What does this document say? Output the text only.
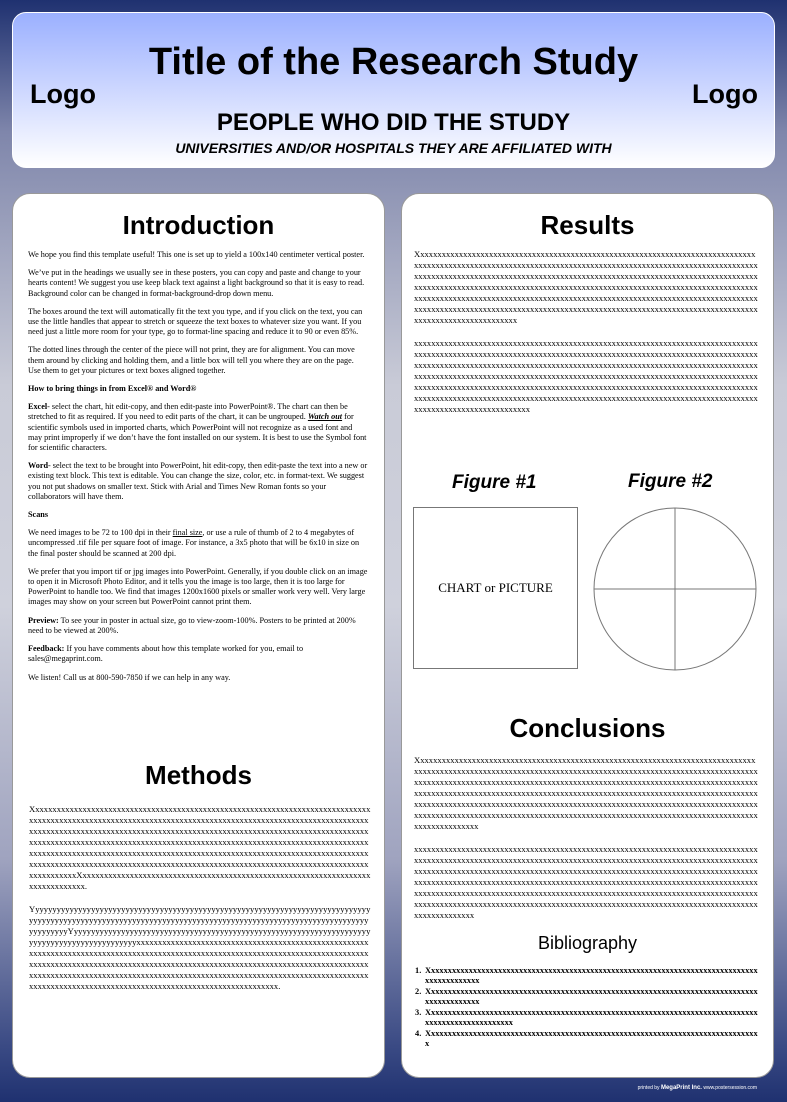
Title of the Research Study
Logo	Logo
PEOPLE WHO DID THE STUDY
UNIVERSITIES AND/OR HOSPITALS THEY ARE AFFILIATED WITH
Introduction

We hope you find this template useful! This one is set up to yield a 100x140 centimeter vertical poster.

We’ve put in the headings we usually see in these posters, you can copy and paste and change to your hearts content! We suggest you use keep black text against a light background so that it is easy to read. Background color can be changed in format-background-drop down menu.

The boxes around the text will automatically fit the text you type, and if you click on the text, you can use the little handles that appear to stretch or squeeze the text boxes to whatever size you want. If you need just a little more room for your type, go to format-line spacing and reduce it to 90 or even 85%.

The dotted lines through the center of the piece will not print, they are for alignment. You can move them around by clicking and holding them, and a little box will tell you where they are on the page. Use them to get your pictures or text boxes aligned together.

How to bring things in from Excel® and Word®

Excel- select the chart, hit edit-copy, and then edit-paste into PowerPoint®. The chart can then be stretched to fit as required. If you need to edit parts of the chart, it can be ungrouped. Watch out for scientific symbols used in imported charts, which PowerPoint will not recognize as a used font and may print improperly if we don’t have the font installed on our system. It is best to use the Symbol font for scientific characters.

Word- select the text to be brought into PowerPoint, hit edit-copy, then edit-paste the text into a new or existing text block. This text is editable. You can change the size, color, etc. in format-text. We suggest you not put shadows on smaller text. Stick with Arial and Times New Roman fonts so your collaborators will have them.

Scans

We need images to be 72 to 100 dpi in their final size, or use a rule of thumb of 2 to 4 megabytes of uncompressed .tif file per square foot of image. For instance, a 3x5 photo that will be 6x10 in size on the final poster should be scanned at 200 dpi.

We prefer that you import tif or jpg images into PowerPoint. Generally, if you double click on an image to open it in Microsoft Photo Editor, and it tells you the image is too large, then it is too large for PowerPoint to handle too. We find that images 1200x1600 pixels or smaller work very well. Very large images may show on your screen but PowerPoint cannot print them.

Preview: To see your in poster in actual size, go to view-zoom-100%. Posters to be printed at 200% need to be viewed at 200%.

Feedback: If you have comments about how this template worked for you, email to sales@megaprint.com.

We listen! Call us at 800-590-7850 if we can help in any way.

Methods

XxxxxxxxxxxxxxxxxxxxxxxxxxxxxxxxxxxxxxxxxxxxxxxxxxxxxxxxxxxxxxxxxxxxxxxxxxxxxxxxxxxxxxxxxxxxxxxxxxxxxxxxxxxxxxxxxxxxxxxxxxxxxxxxxxxxxxxxxxxxxxxxxxxxxxxxxxxxxxxxxxxxxxxxxxxxxxxxxxxxxxxxxxxxxxxxxxxxxxxxxxxxxxxxxxxxxxxxxxxxxxxxxxxxxxxxxxxxxxxxxxxxxxxxxxxxxxxxxxxxxxxxxxxxxxxxxxxxxxxxxxxxxxxxxxxxxxxxxxxxxxxxxxxxxxxxxxxxxxxxxxxxxxxxxxxxxxxxxxxxxxxxxxxxxxxxxxxxxxxxxxxxxxxxxxxxxxxxxxxxxxxxxxxxxxxxxxxxxxxxxxxxxxxxxxxxxxxxxxxxxxxxxxxxxxxxxxxxxxxxxxxxxxxxxxxxxxxxxxxxxxxxxxxxxxxxxxxxxxxxxxxxxXxxxxxxxxxxxxxxxxxxxxxxxxxxxxxxxxxxxxxxxxxxxxxxxxxxxxxxxxxxxxxxxxxxxxxxxxxxxxxxxx.

YyyyyyyyyyyyyyyyyyyyyyyyyyyyyyyyyyyyyyyyyyyyyyyyyyyyyyyyyyyyyyyyyyyyyyyyyyyyyyyyyyyyyyyyyyyyyyyyyyyyyyyyyyyyyyyyyyyyyyyyyyyyyyyyyyyyyyyyyyyyyyyyyyyyyyyyyyyyyyyyyyyyyyyYyyyyyyyyyyyyyyyyyyyyyyyyyyyyyyyyyyyyyyyyyyyyyyyyyyyyyyyyyyyyyyyyyyyyyyyyyyyyyyyyyyyyyyyyyyyyyyxxxxxxxxxxxxxxxxxxxxxxxxxxxxxxxxxxxxxxxxxxxxxxxxxxxxxxxxxxxxxxxxxxxxxxxxxxxxxxxxxxxxxxxxxxxxxxxxxxxxxxxxxxxxxxxxxxxxxxxxxxxxxxxxxxxxxxxxxxxxxxxxxxxxxxxxxxxxxxxxxxxxxxxxxxxxxxxxxxxxxxxxxxxxxxxxxxxxxxxxxxxxxxxxxxxxxxxxxxxxxxxxxxxxxxxxxxxxxxxxxxxxxxxxxxxxxxxxxxxxxxxxxxxxxxxxxxxxxxxxxxxxxxxxxxxxxxxxxxxxxxxxxxxxxxxxxxxxxxxxxxxxxxxxxxxxxxxxxxxxxxxxxxxxx.

Results

Xxxxxxxxxxxxxxxxxxxxxxxxxxxxxxxxxxxxxxxxxxxxxxxxxxxxxxxxxxxxxxxxxxxxxxxxxxxxxxxxxxxxxxxxxxxxxxxxxxxxxxxxxxxxxxxxxxxxxxxxxxxxxxxxxxxxxxxxxxxxxxxxxxxxxxxxxxxxxxxxxxxxxxxxxxxxxxxxxxxxxxxxxxxxxxxxxxxxxxxxxxxxxxxxxxxxxxxxxxxxxxxxxxxxxxxxxxxxxxxxxxxxxxxxxxxxxxxxxxxxxxxxxxxxxxxxxxxxxxxxxxxxxxxxxxxxxxxxxxxxxxxxxxxxxxxxxxxxxxxxxxxxxxxxxxxxxxxxxxxxxxxxxxxxxxxxxxxxxxxxxxxxxxxxxxxxxxxxxxxxxxxxxxxxxxxxxxxxxxxxxxxxxxxxxxxxxxxxxxxxxxxxxxxxxxxxxxxxxxxxxxxxxxxxxxxxxxxxxxxxxxxxxxxxxxxxxxxxxxxxxxxxxxxxxxxxxxxxxxxxxxx

xxxxxxxxxxxxxxxxxxxxxxxxxxxxxxxxxxxxxxxxxxxxxxxxxxxxxxxxxxxxxxxxxxxxxxxxxxxxxxxxxxxxxxxxxxxxxxxxxxxxxxxxxxxxxxxxxxxxxxxxxxxxxxxxxxxxxxxxxxxxxxxxxxxxxxxxxxxxxxxxxxxxxxxxxxxxxxxxxxxxxxxxxxxxxxxxxxxxxxxxxxxxxxxxxxxxxxxxxxxxxxxxxxxxxxxxxxxxxxxxxxxxxxxxxxxxxxxxxxxxxxxxxxxxxxxxxxxxxxxxxxxxxxxxxxxxxxxxxxxxxxxxxxxxxxxxxxxxxxxxxxxxxxxxxxxxxxxxxxxxxxxxxxxxxxxxxxxxxxxxxxxxxxxxxxxxxxxxxxxxxxxxxxxxxxxxxxxxxxxxxxxxxxxxxxxxxxxxxxxxxxxxxxxxxxxxxxxxxxxxxxxxxxxxxxxxxxxxxxxxxxxxxxxxxxxxxxxxxxxxxxxxxxxxxxxxxxxxxxxxxxxxxxx

Figure #1	Figure #2
CHART or PICTURE
Conclusions

Xxxxxxxxxxxxxxxxxxxxxxxxxxxxxxxxxxxxxxxxxxxxxxxxxxxxxxxxxxxxxxxxxxxxxxxxxxxxxxxxxxxxxxxxxxxxxxxxxxxxxxxxxxxxxxxxxxxxxxxxxxxxxxxxxxxxxxxxxxxxxxxxxxxxxxxxxxxxxxxxxxxxxxxxxxxxxxxxxxxxxxxxxxxxxxxxxxxxxxxxxxxxxxxxxxxxxxxxxxxxxxxxxxxxxxxxxxxxxxxxxxxxxxxxxxxxxxxxxxxxxxxxxxxxxxxxxxxxxxxxxxxxxxxxxxxxxxxxxxxxxxxxxxxxxxxxxxxxxxxxxxxxxxxxxxxxxxxxxxxxxxxxxxxxxxxxxxxxxxxxxxxxxxxxxxxxxxxxxxxxxxxxxxxxxxxxxxxxxxxxxxxxxxxxxxxxxxxxxxxxxxxxxxxxxxxxxxxxxxxxxxxxxxxxxxxxxxxxxxxxxxxxxxxxxxxxxxxxxxxxxxxxxxxxxxxxxx

xxxxxxxxxxxxxxxxxxxxxxxxxxxxxxxxxxxxxxxxxxxxxxxxxxxxxxxxxxxxxxxxxxxxxxxxxxxxxxxxxxxxxxxxxxxxxxxxxxxxxxxxxxxxxxxxxxxxxxxxxxxxxxxxxxxxxxxxxxxxxxxxxxxxxxxxxxxxxxxxxxxxxxxxxxxxxxxxxxxxxxxxxxxxxxxxxxxxxxxxxxxxxxxxxxxxxxxxxxxxxxxxxxxxxxxxxxxxxxxxxxxxxxxxxxxxxxxxxxxxxxxxxxxxxxxxxxxxxxxxxxxxxxxxxxxxxxxxxxxxxxxxxxxxxxxxxxxxxxxxxxxxxxxxxxxxxxxxxxxxxxxxxxxxxxxxxxxxxxxxxxxxxxxxxxxxxxxxxxxxxxxxxxxxxxxxxxxxxxxxxxxxxxxxxxxxxxxxxxxxxxxxxxxxxxxxxxxxxxxxxxxxxxxxxxxxxxxxxxxxxxxxxxxxxxxxxxxxxxxxxxxxxxxxxxxxxx

Bibliography
1. Xxxxxxxxxxxxxxxxxxxxxxxxxxxxxxxxxxxxxxxxxxxxxxxxxxxxxxxxxxxxxxxxxxxxxxxxxxxxxxxxxxxxxxxxxxxx
2. Xxxxxxxxxxxxxxxxxxxxxxxxxxxxxxxxxxxxxxxxxxxxxxxxxxxxxxxxxxxxxxxxxxxxxxxxxxxxxxxxxxxxxxxxxxxx
3. Xxxxxxxxxxxxxxxxxxxxxxxxxxxxxxxxxxxxxxxxxxxxxxxxxxxxxxxxxxxxxxxxxxxxxxxxxxxxxxxxxxxxxxxxxxxxxxxxxxxx
4. Xxxxxxxxxxxxxxxxxxxxxxxxxxxxxxxxxxxxxxxxxxxxxxxxxxxxxxxxxxxxxxxxxxxxxxxxxxxxxxxx
printed by MegaPrint Inc. www.postersession.com
